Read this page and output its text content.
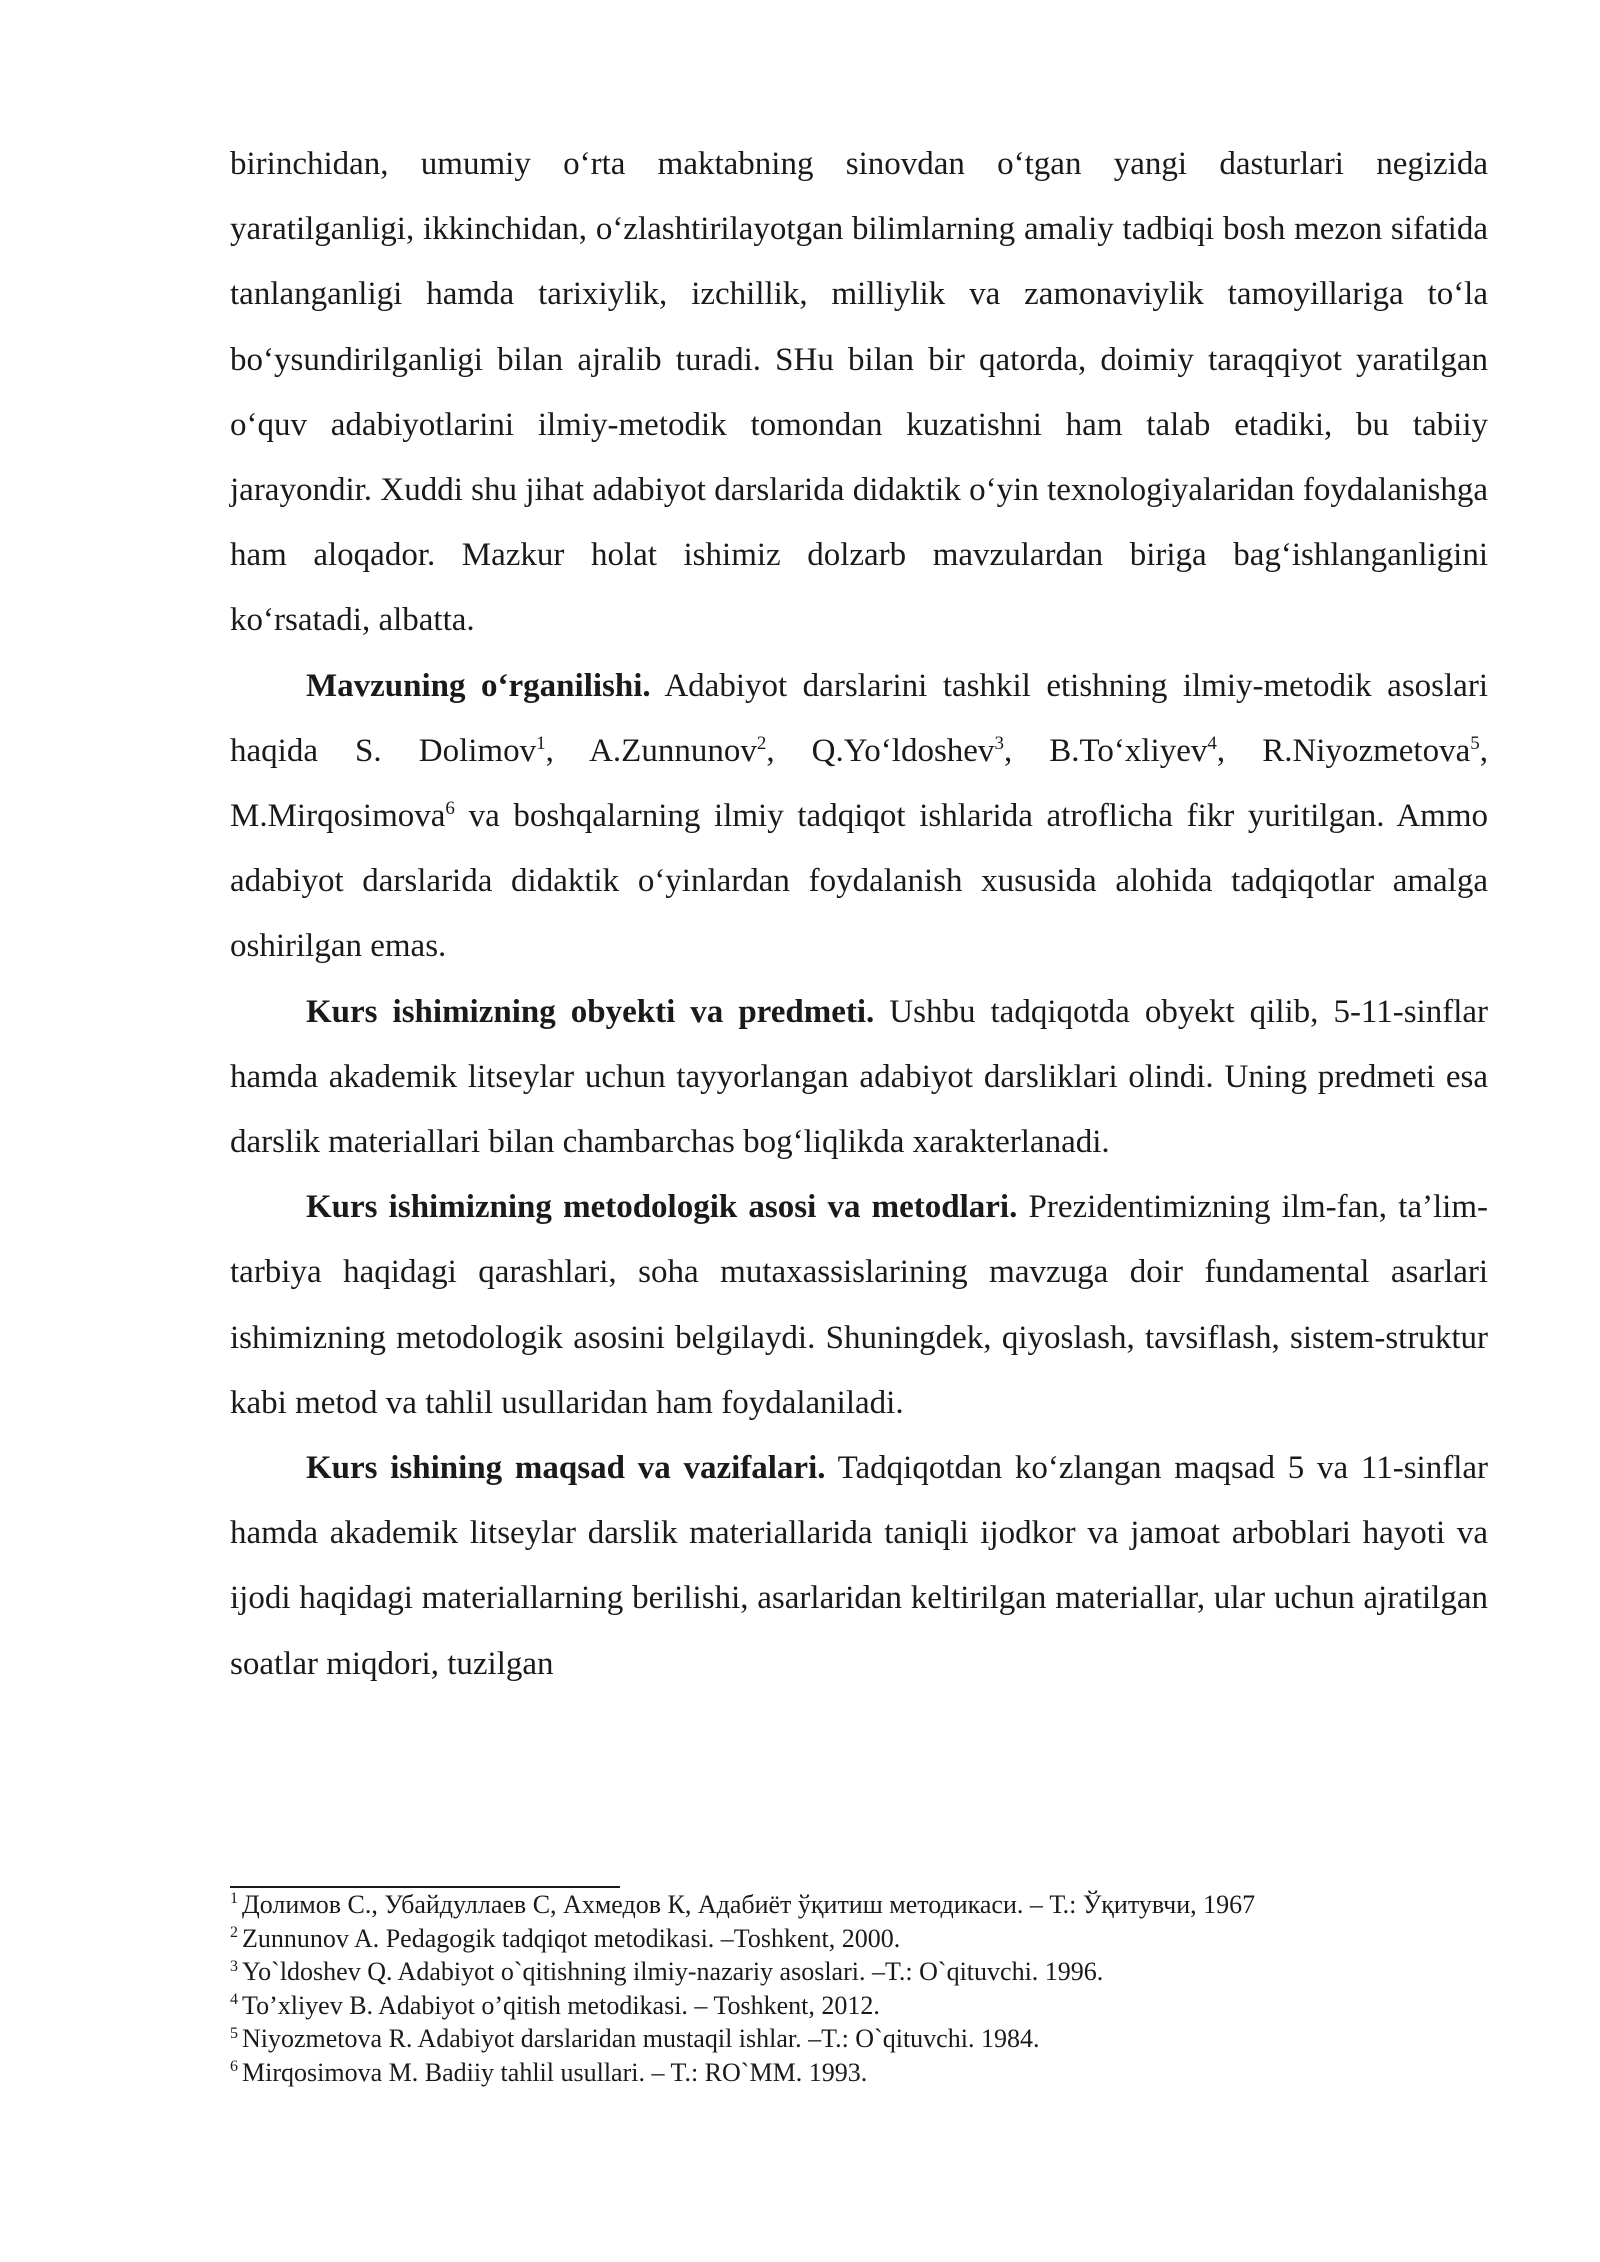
birinchidan, umumiy o‘rta maktabning sinovdan o‘tgan yangi dasturlari negizida yaratilganligi, ikkinchidan, o‘zlashtirilayotgan bilimlarning amaliy tadbiqi bosh mezon sifatida tanlanganligi hamda tarixiylik, izchillik, milliylik va zamonaviylik tamoyillariga to‘la bo‘ysundirilganligi bilan ajralib turadi. SHu bilan bir qatorda, doimiy taraqqiyot yaratilgan o‘quv adabiyotlarini ilmiy-metodik tomondan kuzatishni ham talab etadiki, bu tabiiy jarayondir. Xuddi shu jihat adabiyot darslarida didaktik o‘yin texnologiyalaridan foydalanishga ham aloqador. Mazkur holat ishimiz dolzarb mavzulardan biriga bag‘ishlanganligini ko‘rsatadi, albatta.

Mavzuning o‘rganilishi. Adabiyot darslarini tashkil etishning ilmiy-metodik asoslari haqida S. Dolimov$^1$, A.Zunnunov$^2$, Q.Yo‘ldoshev$^3$, B.To‘xliyev$^4$, R.Niyozmetova$^5$, M.Mirqosimova$^6$ va boshqalarning ilmiy tadqiqot ishlarida atroflicha fikr yuritilgan. Ammo adabiyot darslarida didaktik o‘yinlardan foydalanish xususida alohida tadqiqotlar amalga oshirilgan emas.

Kurs ishimizning obyekti va predmeti. Ushbu tadqiqotda obyekt qilib, 5-11-sinflar hamda akademik litseylar uchun tayyorlangan adabiyot darsliklari olindi. Uning predmeti esa darslik materiallari bilan chambarchas bog‘liqlikda xarakterlanadi.

Kurs ishimizning metodologik asosi va metodlari. Prezidentimizning ilm-fan, ta’lim-tarbiya haqidagi qarashlari, soha mutaxassislarining mavzuga doir fundamental asarlari ishimizning metodologik asosini belgilaydi. Shuningdek, qiyoslash, tavsiflash, sistem-struktur kabi metod va tahlil usullaridan ham foydalaniladi.

Kurs ishining maqsad va vazifalari. Tadqiqotdan ko‘zlangan maqsad 5 va 11-sinflar hamda akademik litseylar darslik materiallarida taniqli ijodkor va jamoat arboblari hayoti va ijodi haqidagi materiallarning berilishi, asarlaridan keltirilgan materiallar, ular uchun ajratilgan soatlar miqdori, tuzilgan

$^1$ Долимов С., Убайдуллаев С, Ахмедов К, Адабиёт ўқитиш методикаси. – Т.: Ўқитувчи, 1967

$^2$ Zunnunov A. Pedagogik tadqiqot metodikasi. –Toshkent, 2000.

$^3$ Yo`ldoshev Q. Adabiyot o`qitishning ilmiy-nazariy asoslari. –T.: O`qituvchi. 1996.

$^4$ To’xliyev B. Adabiyot o’qitish metodikasi. – Toshkent, 2012.

$^5$ Niyozmetova R. Adabiyot darslaridan mustaqil ishlar. –T.: O`qituvchi. 1984.

$^6$ Mirqosimova M. Badiiy tahlil usullari. – T.: RO`MM. 1993.
